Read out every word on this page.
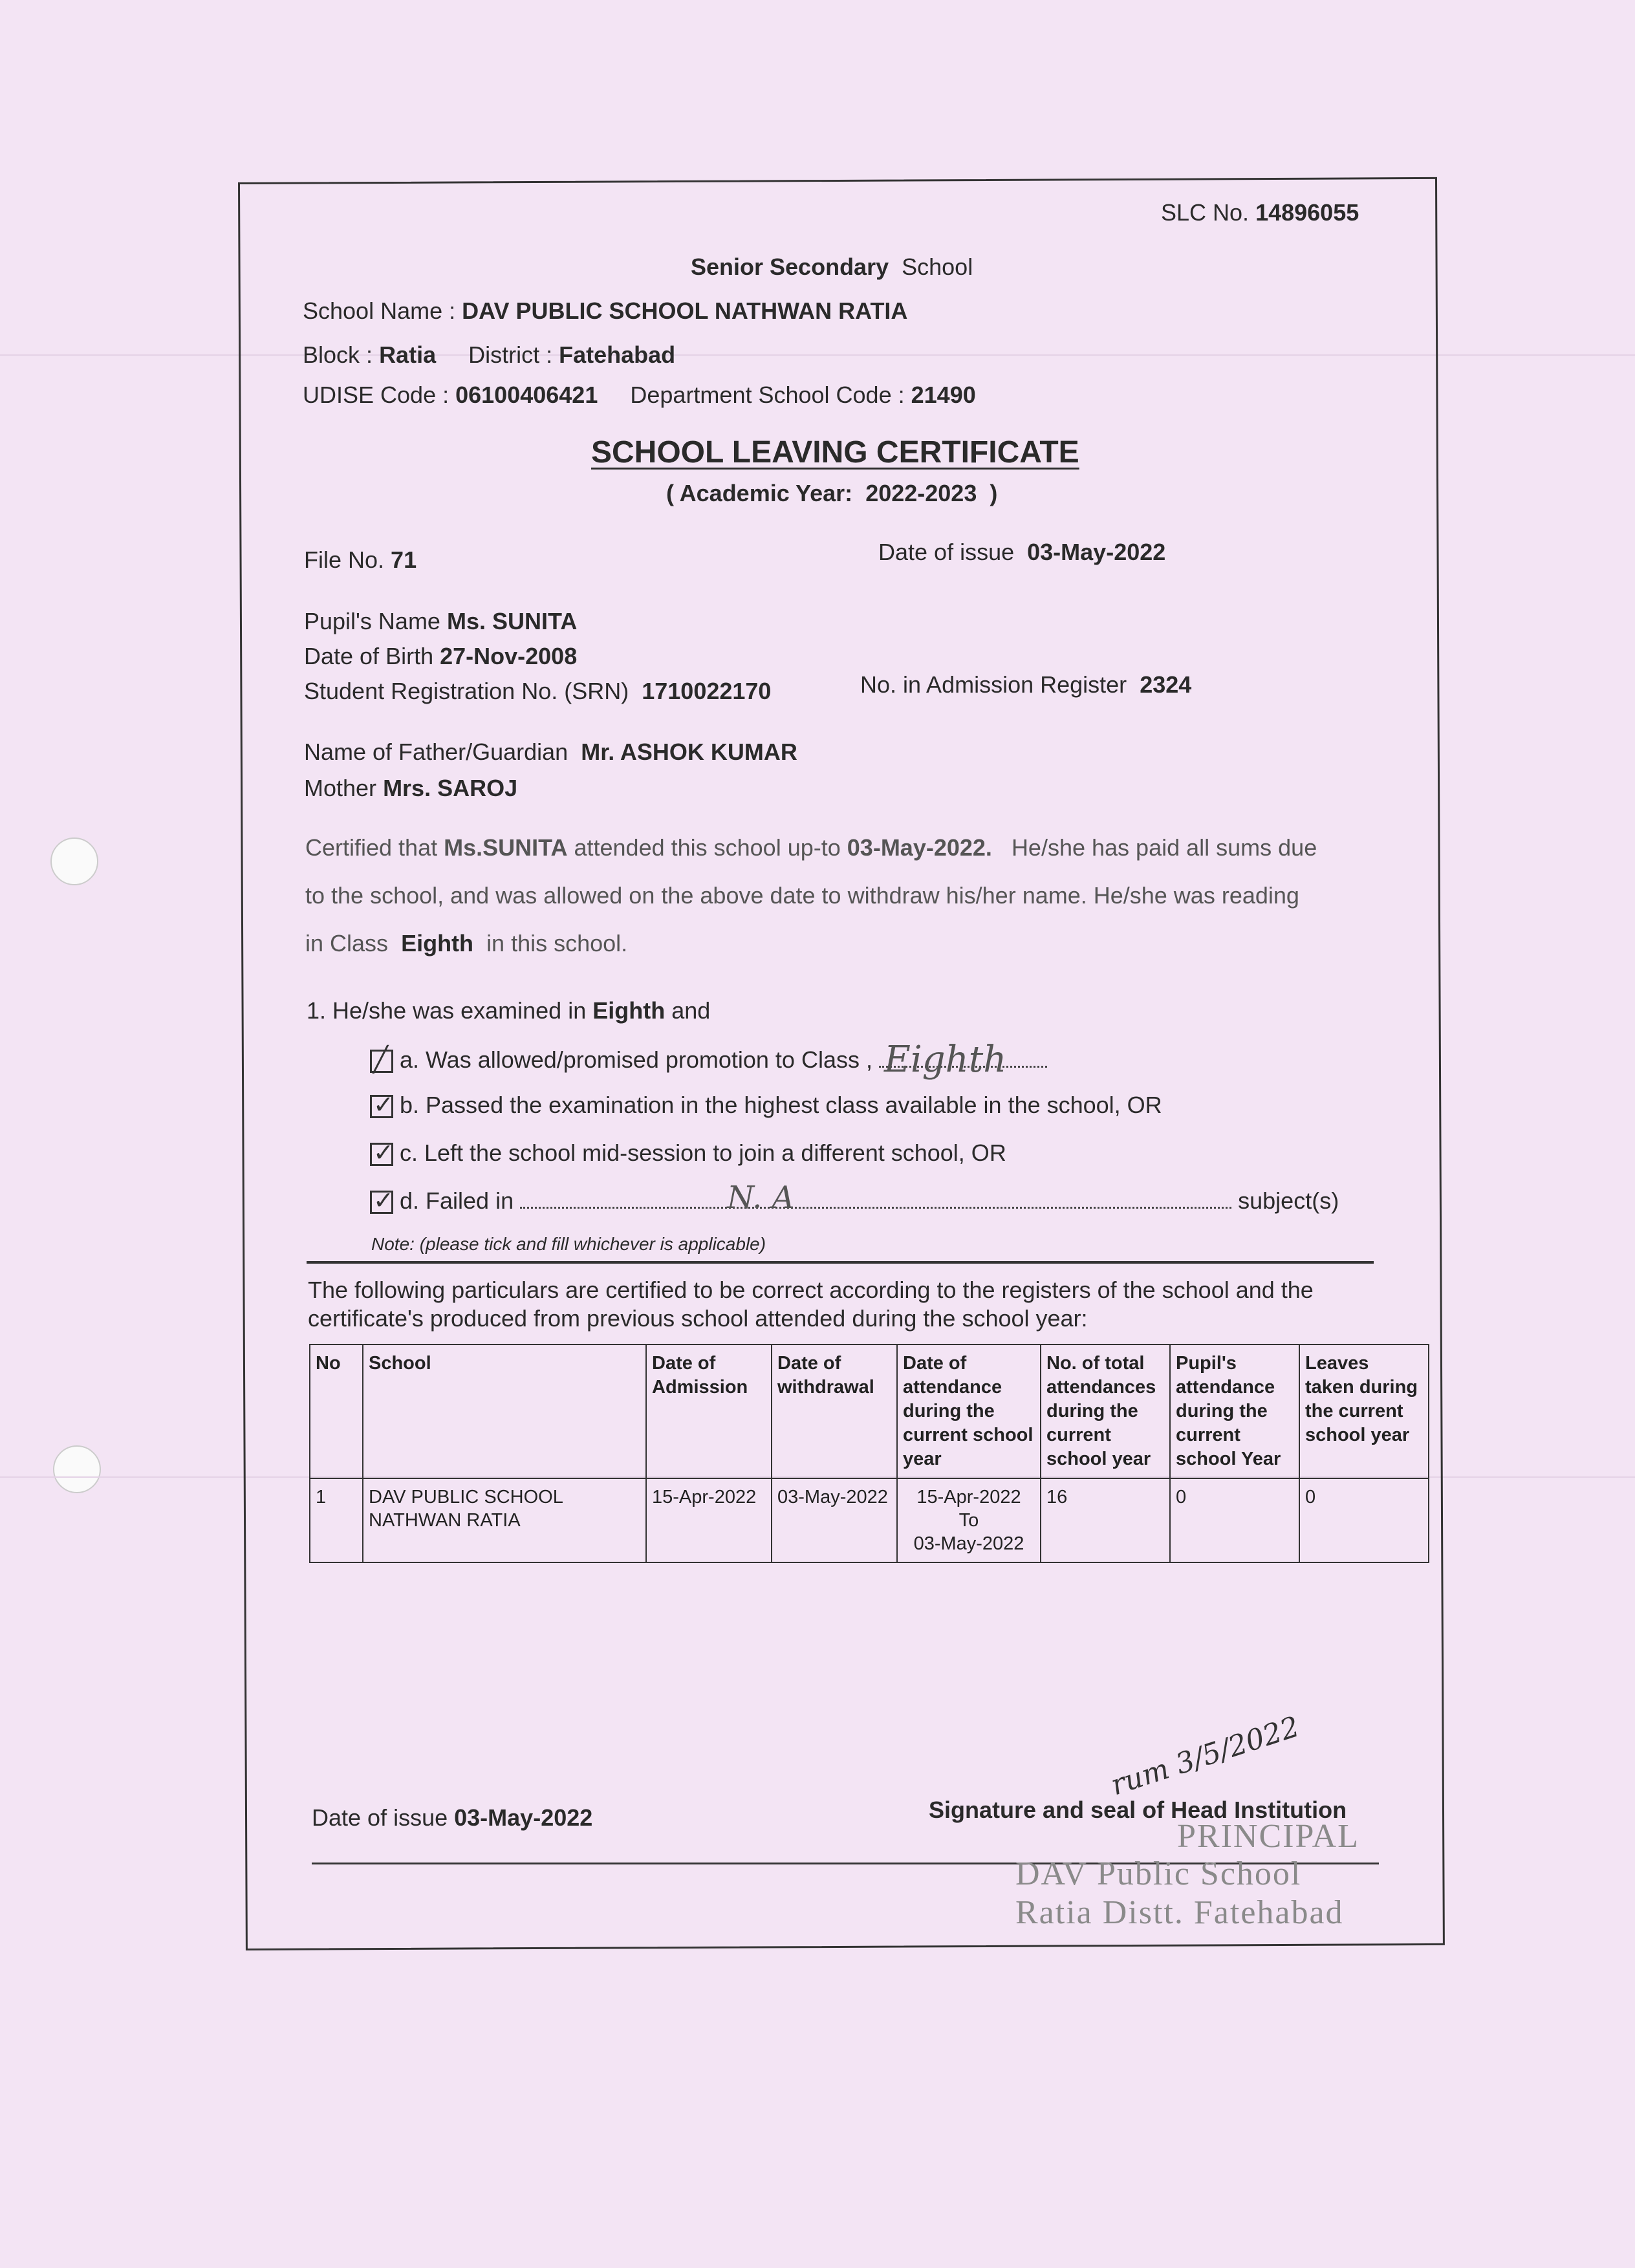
SLC No. 14896055
Senior Secondary School
School Name : DAV PUBLIC SCHOOL NATHWAN RATIA
Block : Ratia District : Fatehabad
UDISE Code : 06100406421 Department School Code : 21490
SCHOOL LEAVING CERTIFICATE
( Academic Year: 2022-2023 )
File No. 71	Date of issue 03-May-2022
Pupil's Name Ms. SUNITA
Date of Birth 27-Nov-2008
Student Registration No. (SRN) 1710022170	No. in Admission Register 2324
Name of Father/Guardian Mr. ASHOK KUMAR
Mother Mrs. SAROJ
Certified that Ms.SUNITA attended this school up-to 03-May-2022. He/she has paid all sums due
to the school, and was allowed on the above date to withdraw his/her name. He/she was reading
in Class Eighth in this school.
1. He/she was examined in Eighth and
╱ a. Was allowed/promised promotion to Class , Eighth
✓ b. Passed the examination in the highest class available in the school, OR
✓ c. Left the school mid-session to join a different school, OR
✓ d. Failed in	N. A	subject(s)
Note: (please tick and fill whichever is applicable)
The following particulars are certified to be correct according to the registers of the school and the
certificate's produced from previous school attended during the school year:
No	School	Date of Admission	Date of withdrawal	Date of attendance during the current school year	No. of total attendances during the current school year	Pupil's attendance during the current school Year	Leaves taken during the current school year
1	DAV PUBLIC SCHOOL NATHWAN RATIA	15-Apr-2022	03-May-2022	15-Apr-2022
To
03-May-2022	16	0	0
Date of issue 03-May-2022	Signature and seal of Head Institution
rum 3/5/2022
PRINCIPAL
DAV Public School
Ratia Distt. Fatehabad
